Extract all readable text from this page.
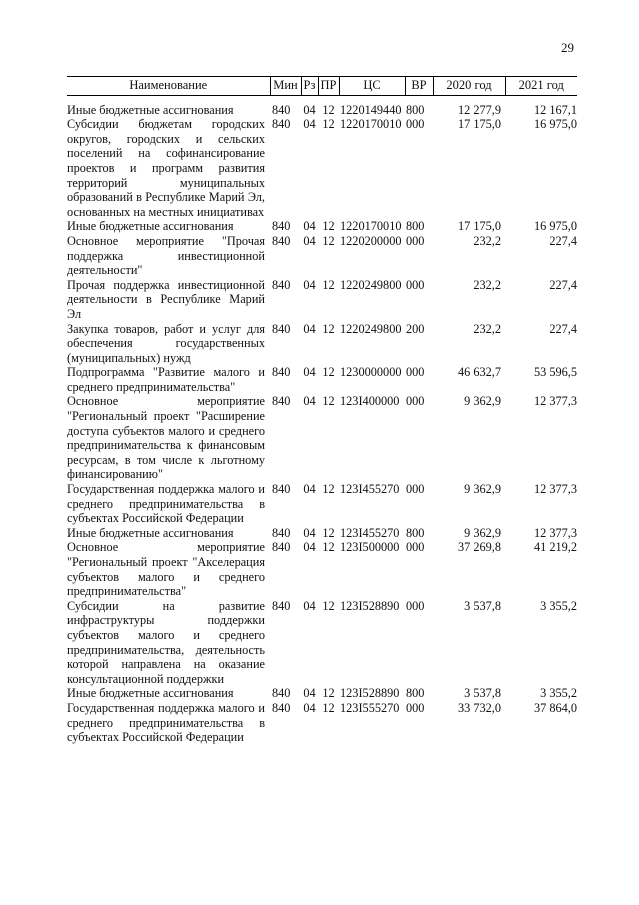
29
Наименование	Мин	Рз	ПР	ЦС	ВР	2020 год	2021 год
Иные бюджетные ассигнования	840	04	12	1220149440	800	12 277,9	12 167,1
Субсидии бюджетам городских округов, городских и сельских поселений на софинансирование проектов и программ развития территорий муниципальных образований в Республике Марий Эл, основанных на местных инициативах	840	04	12	1220170010	000	17 175,0	16 975,0
Иные бюджетные ассигнования	840	04	12	1220170010	800	17 175,0	16 975,0
Основное мероприятие "Прочая поддержка инвестиционной деятельности"	840	04	12	1220200000	000	232,2	227,4
Прочая поддержка инвестиционной деятельности в Республике Марий Эл	840	04	12	1220249800	000	232,2	227,4
Закупка товаров, работ и услуг для обеспечения государственных (муниципальных) нужд	840	04	12	1220249800	200	232,2	227,4
Подпрограмма "Развитие малого и среднего предпринимательства"	840	04	12	1230000000	000	46 632,7	53 596,5
Основное мероприятие "Региональный проект "Расширение доступа субъектов малого и среднего предпринимательства к финансовым ресурсам, в том числе к льготному финансированию"	840	04	12	123I400000	000	9 362,9	12 377,3
Государственная поддержка малого и среднего предпринимательства в субъектах Российской Федерации	840	04	12	123I455270	000	9 362,9	12 377,3
Иные бюджетные ассигнования	840	04	12	123I455270	800	9 362,9	12 377,3
Основное мероприятие "Региональный проект "Акселерация субъектов малого и среднего предпринимательства"	840	04	12	123I500000	000	37 269,8	41 219,2
Субсидии на развитие инфраструктуры поддержки субъектов малого и среднего предпринимательства, деятельность которой направлена на оказание консультационной поддержки	840	04	12	123I528890	000	3 537,8	3 355,2
Иные бюджетные ассигнования	840	04	12	123I528890	800	3 537,8	3 355,2
Государственная поддержка малого и среднего предпринимательства в субъектах Российской Федерации	840	04	12	123I555270	000	33 732,0	37 864,0
